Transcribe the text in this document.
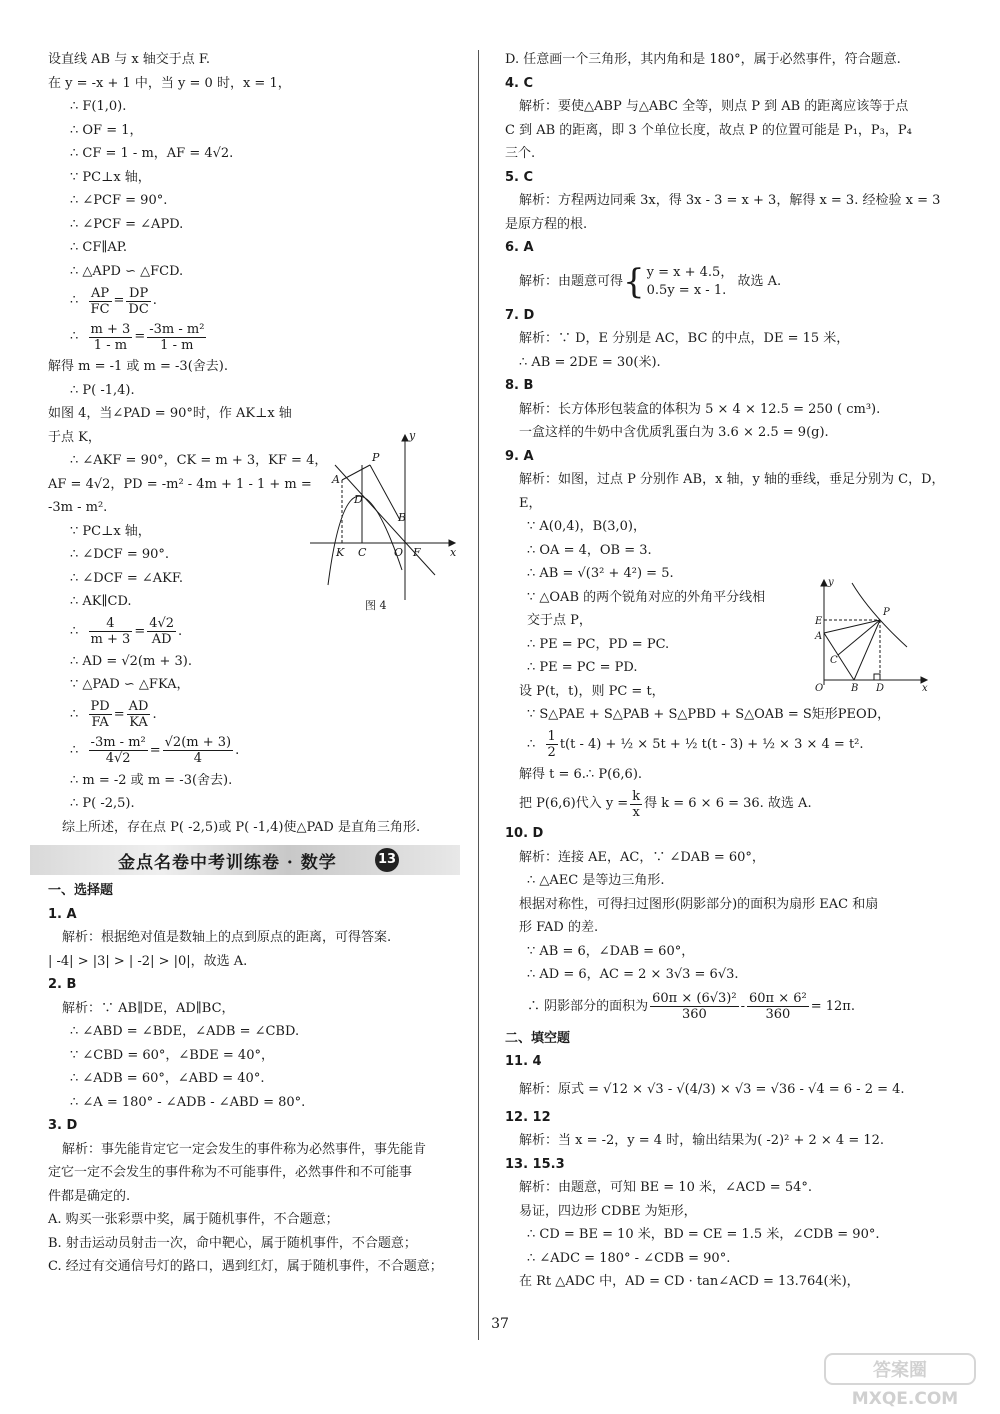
设直线 AB 与 x 轴交于点 F.
在 y = -x + 1 中，当 y = 0 时，x = 1，
∴ F(1,0).
∴ OF = 1，
∴ CF = 1 - m，AF = 4√2.
∵ PC⊥x 轴，
∴ ∠PCF = 90°.
∴ ∠PCF = ∠APD.
∴ CF∥AP.
∴ △APD ∽ △FCD.
∴
$\frac{AP}{FC} = \frac{DP}{DC}$ .
∴
$\frac{m + 3}{1 - m} = \frac{\text{-3m - m²}}{1 - m}$
解得 m = -1 或 m = -3(舍去).
∴ P( -1,4).
如图 4，当∠PAD = 90°时，作 AK⊥x 轴
于点 K，
∴ ∠AKF = 90°，CK = m + 3，KF = 4，
AF = 4√2，PD = -m² - 4m + 1 - 1 + m =
-3m - m².
∵ PC⊥x 轴，
∴ ∠DCF = 90°.
∴ ∠DCF = ∠AKF.
∴ AK∥CD.
∴
$\frac{4}{m + 3} = \frac{4√2}{AD}$ .
∴ AD = √2(m + 3).
∵ △PAD ∽ △FKA，
∴
$\frac{PD}{FA} = \frac{AD}{KA}$ .
∴
$\frac{\text{-3m - m²}}{4√2} = \frac{√2(m + 3)}{4}$ .
∴ m = -2 或 m = -3(舍去).
∴ P( -2,5).
综上所述，存在点 P( -2,5)或 P( -1,4)使△PAD 是直角三角形.
金点名卷中考训练卷 · 数学	13
一、选择题
1. A
解析：根据绝对值是数轴上的点到原点的距离，可得答案.
| -4| > |3| > | -2| > |0|，故选 A.
2. B
解析：∵ AB∥DE，AD∥BC，
∴ ∠ABD = ∠BDE，∠ADB = ∠CBD.
∵ ∠CBD = 60°，∠BDE = 40°，
∴ ∠ADB = 60°，∠ABD = 40°.
∴ ∠A = 180° - ∠ADB - ∠ABD = 80°.
3. D
解析：事先能肯定它一定会发生的事件称为必然事件，事先能肯
定它一定不会发生的事件称为不可能事件，必然事件和不可能事
件都是确定的.
A. 购买一张彩票中奖，属于随机事件，不合题意；
B. 射击运动员射击一次，命中靶心，属于随机事件，不合题意；
C. 经过有交通信号灯的路口，遇到红灯，属于随机事件，不合题意；
y
x
P
A
D
B
K C	O F
图 4
D. 任意画一个三角形，其内角和是 180°，属于必然事件，符合题意.
4. C
解析：要使△ABP 与△ABC 全等，则点 P 到 AB 的距离应该等于点
C 到 AB 的距离，即 3 个单位长度，故点 P 的位置可能是 P₁，P₃，P₄
三个.
5. C
解析：方程两边同乘 3x，得 3x - 3 = x + 3，解得 x = 3. 经检验 x = 3
是原方程的根.
6. A
解析：由题意可得 { y = x + 4.5，
0.5y = x - 1.

故选 A.
7. D
解析：∵ D，E 分别是 AC，BC 的中点，DE = 15 米，
∴ AB = 2DE = 30(米).
8. B
解析：长方体形包装盒的体积为 5 × 4 × 12.5 = 250 ( cm³).
一盒这样的牛奶中含优质乳蛋白为 3.6 × 2.5 = 9(g).
9. A
解析：如图，过点 P 分别作 AB，x 轴，y 轴的垂线，垂足分别为 C，D，
E，
∵ A(0,4)，B(3,0)，
∴ OA = 4，OB = 3.
∴ AB = √(3² + 4²) = 5.
∵ △OAB 的两个锐角对应的外角平分线相
交于点 P，
∴ PE = PC，PD = PC.
∴ PE = PC = PD.
设 P(t，t)，则 PC = t，
∵ S△PAE + S△PAB + S△PBD + S△OAB = S矩形PEOD，
∴
$\frac{1}{2} t(t - 4)$ + ½ × 5t + ½ t(t - 3) + ½ × 3 × 4 = t².
解得 t = 6.∴ P(6,6).
把 P(6,6)代入 $y = \frac{k}{x}$ 得 k = 6 × 6 = 36. 故选 A.
10. D
解析：连接 AE，AC，∵ ∠DAB = 60°，
∴ △AEC 是等边三角形.
根据对称性，可得扫过图形(阴影部分)的面积为扇形 EAC 和扇
形 FAD 的差.
∵ AB = 6，∠DAB = 60°，
∴ AD = 6，AC = 2 × 3√3 = 6√3.
∴ 阴影部分的面积为 $\frac{\text{60π × (6√3)²}}{360} - \frac{\text{60π × 6²}}{360} = 12\pi$.
二、填空题
11. 4
解析：原式 = √12 × √3 - √(4/3) × √3 = √36 - √4 = 6 - 2 = 4.
12. 12
解析：当 x = -2，y = 4 时，输出结果为( -2)² + 2 × 4 = 12.
13. 15.3
解析：由题意，可知 BE = 10 米，∠ACD = 54°.
易证，四边形 CDBE 为矩形，
∴ CD = BE = 10 米，BD = CE = 1.5 米，∠CDB = 90°.
∴ ∠ADC = 180° - ∠CDB = 90°.
在 Rt △ADC 中，AD = CD · tan∠ACD = 13.764(米)，
y
x
E
A
P
C
O	B D
37
答案圈
MXQE.COM
